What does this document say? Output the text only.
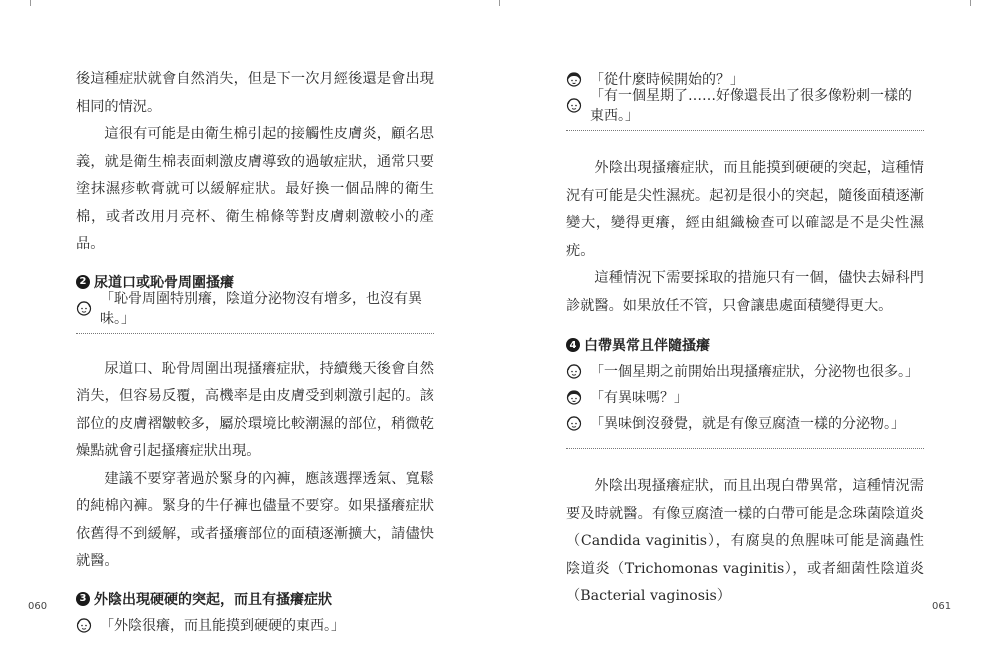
後這種症狀就會自然消失，但是下一次月經後還是會出現相同的情況。

這很有可能是由衛生棉引起的接觸性皮膚炎，顧名思義，就是衛生棉表面刺激皮膚導致的過敏症狀，通常只要塗抹濕疹軟膏就可以緩解症狀。最好換一個品牌的衛生棉，或者改用月亮杯、衛生棉條等對皮膚刺激較小的產品。

2 尿道口或恥骨周圍搔癢
「恥骨周圍特別癢，陰道分泌物沒有增多，也沒有異味。」

尿道口、恥骨周圍出現搔癢症狀，持續幾天後會自然消失，但容易反覆，高機率是由皮膚受到刺激引起的。該部位的皮膚褶皺較多，屬於環境比較潮濕的部位，稍微乾燥點就會引起搔癢症狀出現。

建議不要穿著過於緊身的內褲，應該選擇透氣、寬鬆的純棉內褲。緊身的牛仔褲也儘量不要穿。如果搔癢症狀依舊得不到緩解，或者搔癢部位的面積逐漸擴大，請儘快就醫。

3 外陰出現硬硬的突起，而且有搔癢症狀
「外陰很癢，而且能摸到硬硬的東西。」
060
「從什麼時候開始的？」
「有一個星期了……好像還長出了很多像粉刺一樣的東西。」

外陰出現搔癢症狀，而且能摸到硬硬的突起，這種情況有可能是尖性濕疣。起初是很小的突起，隨後面積逐漸變大，變得更癢，經由組織檢查可以確認是不是尖性濕疣。

這種情況下需要採取的措施只有一個，儘快去婦科門診就醫。如果放任不管，只會讓患處面積變得更大。

4 白帶異常且伴隨搔癢
「一個星期之前開始出現搔癢症狀，分泌物也很多。」
「有異味嗎？」
「異味倒沒發覺，就是有像豆腐渣一樣的分泌物。」

外陰出現搔癢症狀，而且出現白帶異常，這種情況需要及時就醫。有像豆腐渣一樣的白帶可能是念珠菌陰道炎（Candida vaginitis），有腐臭的魚腥味可能是滴蟲性陰道炎（Trichomonas vaginitis），或者細菌性陰道炎（Bacterial vaginosis）

061
